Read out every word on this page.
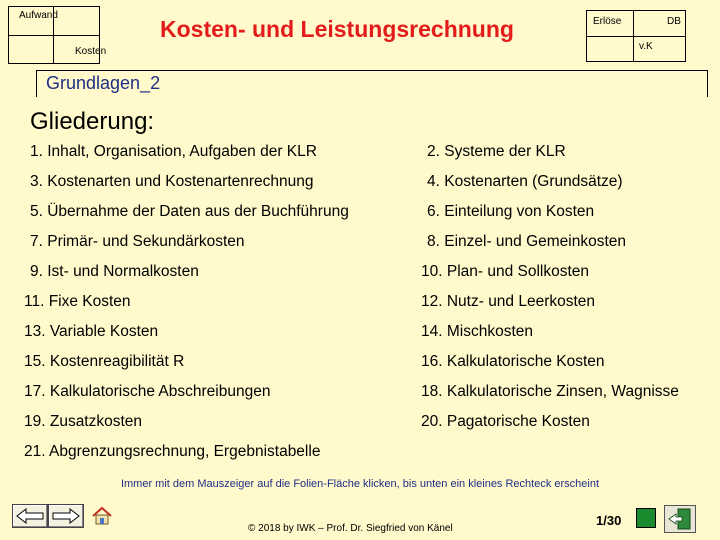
Aufwand
Kosten
Kosten- und Leistungsrechnung	Erlöse	DB
v.K
Grundlagen_2
Gliederung:
1. Inhalt, Organisation, Aufgaben der KLR
3. Kostenarten und Kostenartenrechnung
5. Übernahme der Daten aus der Buchführung
7. Primär- und Sekundärkosten
9. Ist- und Normalkosten
11. Fixe Kosten
13. Variable Kosten
15. Kostenreagibilität R
17. Kalkulatorische Abschreibungen
19. Zusatzkosten
21. Abgrenzungsrechnung, Ergebnistabelle
2. Systeme der KLR
4. Kostenarten (Grundsätze)
6. Einteilung von Kosten
8. Einzel- und Gemeinkosten
10. Plan- und Sollkosten
12. Nutz- und Leerkosten
14. Mischkosten
16. Kalkulatorische Kosten
18. Kalkulatorische Zinsen, Wagnisse
20. Pagatorische Kosten
Immer mit dem Mauszeiger auf die Folien-Fläche klicken, bis unten ein kleines Rechteck erscheint
© 2018 by IWK – Prof. Dr. Siegfried von Känel
1/30
